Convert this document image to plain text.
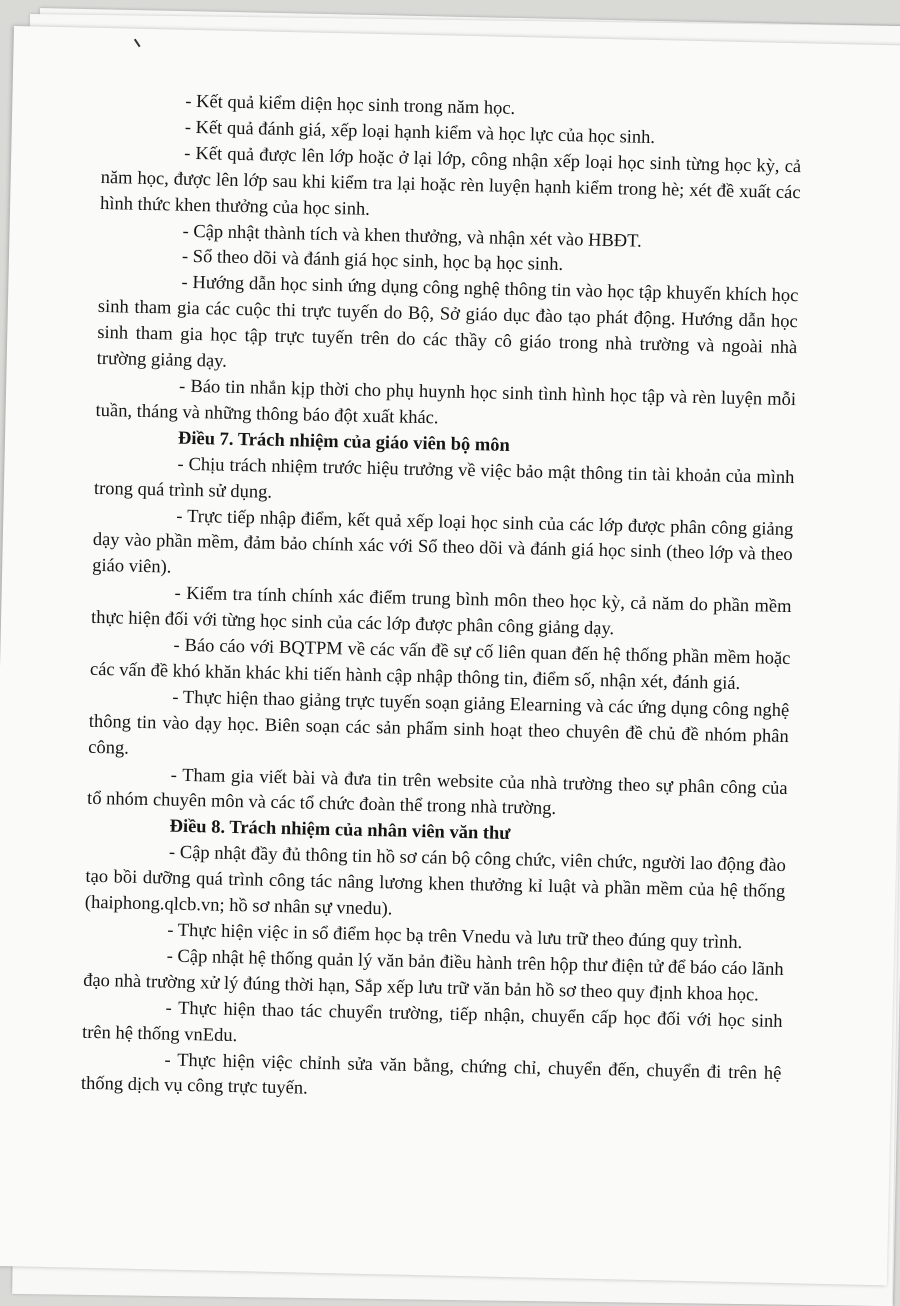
- Kết quả kiểm diện học sinh trong năm học.

- Kết quả đánh giá, xếp loại hạnh kiểm và học lực của học sinh.

- Kết quả được lên lớp hoặc ở lại lớp, công nhận xếp loại học sinh từng học kỳ, cả năm học, được lên lớp sau khi kiểm tra lại hoặc rèn luyện hạnh kiểm trong hè; xét đề xuất các hình thức khen thưởng của học sinh.

- Cập nhật thành tích và khen thưởng, và nhận xét vào HBĐT.

- Sổ theo dõi và đánh giá học sinh, học bạ học sinh.

- Hướng dẫn học sinh ứng dụng công nghệ thông tin vào học tập khuyến khích học sinh tham gia các cuộc thi trực tuyến do Bộ, Sở giáo dục đào tạo phát động. Hướng dẫn học sinh tham gia học tập trực tuyến trên do các thầy cô giáo trong nhà trường và ngoài nhà trường giảng dạy.

- Báo tin nhắn kịp thời cho phụ huynh học sinh tình hình học tập và rèn luyện mỗi tuần, tháng và những thông báo đột xuất khác.

Điều 7. Trách nhiệm của giáo viên bộ môn

- Chịu trách nhiệm trước hiệu trưởng về việc bảo mật thông tin tài khoản của mình trong quá trình sử dụng.

- Trực tiếp nhập điểm, kết quả xếp loại học sinh của các lớp được phân công giảng dạy vào phần mềm, đảm bảo chính xác với Sổ theo dõi và đánh giá học sinh (theo lớp và theo giáo viên).

- Kiểm tra tính chính xác điểm trung bình môn theo học kỳ, cả năm do phần mềm thực hiện đối với từng học sinh của các lớp được phân công giảng dạy.

- Báo cáo với BQTPM về các vấn đề sự cố liên quan đến hệ thống phần mềm hoặc các vấn đề khó khăn khác khi tiến hành cập nhập thông tin, điểm số, nhận xét, đánh giá.

- Thực hiện thao giảng trực tuyến soạn giảng Elearning và các ứng dụng công nghệ thông tin vào dạy học. Biên soạn các sản phẩm sinh hoạt theo chuyên đề chủ đề nhóm phân công.

- Tham gia viết bài và đưa tin trên website của nhà trường theo sự phân công của tổ nhóm chuyên môn và các tổ chức đoàn thể trong nhà trường.

Điều 8. Trách nhiệm của nhân viên văn thư

- Cập nhật đầy đủ thông tin hồ sơ cán bộ công chức, viên chức, người lao động đào tạo bồi dưỡng quá trình công tác nâng lương khen thưởng kỉ luật và phần mềm của hệ thống (haiphong.qlcb.vn; hồ sơ nhân sự vnedu).

- Thực hiện việc in sổ điểm học bạ trên Vnedu và lưu trữ theo đúng quy trình.

- Cập nhật hệ thống quản lý văn bản điều hành trên hộp thư điện tử để báo cáo lãnh đạo nhà trường xử lý đúng thời hạn, Sắp xếp lưu trữ văn bản hồ sơ theo quy định khoa học.

- Thực hiện thao tác chuyển trường, tiếp nhận, chuyển cấp học đối với học sinh trên hệ thống vnEdu.

- Thực hiện việc chỉnh sửa văn bằng, chứng chỉ, chuyển đến, chuyển đi trên hệ thống dịch vụ công trực tuyến.
